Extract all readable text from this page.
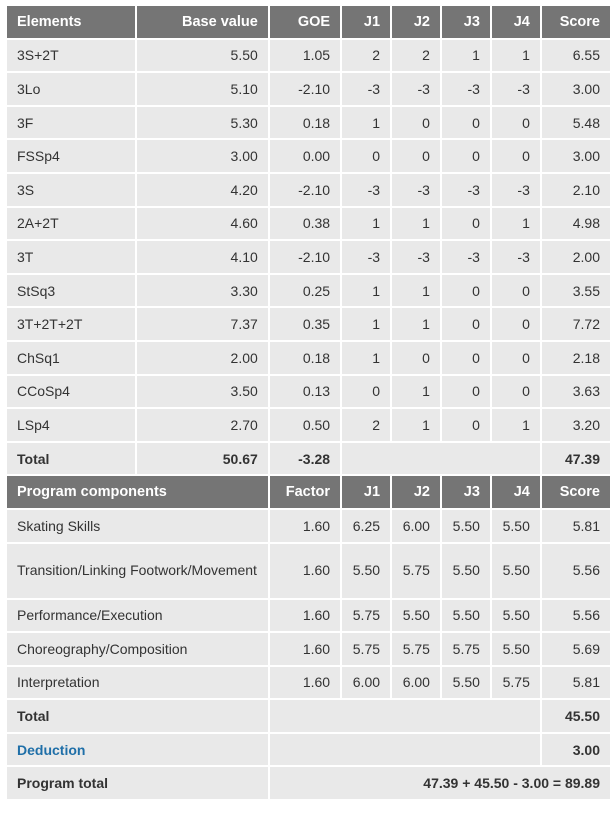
Elements	Base value	GOE	J1	J2	J3	J4	Score
3S+2T	5.50	1.05	2	2	1	1	6.55
3Lo	5.10	-2.10	-3	-3	-3	-3	3.00
3F	5.30	0.18	1	0	0	0	5.48
FSSp4	3.00	0.00	0	0	0	0	3.00
3S	4.20	-2.10	-3	-3	-3	-3	2.10
2A+2T	4.60	0.38	1	1	0	1	4.98
3T	4.10	-2.10	-3	-3	-3	-3	2.00
StSq3	3.30	0.25	1	1	0	0	3.55
3T+2T+2T	7.37	0.35	1	1	0	0	7.72
ChSq1	2.00	0.18	1	0	0	0	2.18
CCoSp4	3.50	0.13	0	1	0	0	3.63
LSp4	2.70	0.50	2	1	0	1	3.20
Total	50.67	-3.28					47.39
Program components		Factor	J1	J2	J3	J4	Score
Skating Skills		1.60	6.25	6.00	5.50	5.50	5.81
Transition/Linking Footwork/Movement		1.60	5.50	5.75	5.50	5.50	5.56
Performance/Execution		1.60	5.75	5.50	5.50	5.50	5.56
Choreography/Composition		1.60	5.75	5.75	5.75	5.50	5.69
Interpretation		1.60	6.00	6.00	5.50	5.75	5.81
Total							45.50
Deduction							3.00
Program total		47.39 + 45.50 - 3.00 = 89.89					
